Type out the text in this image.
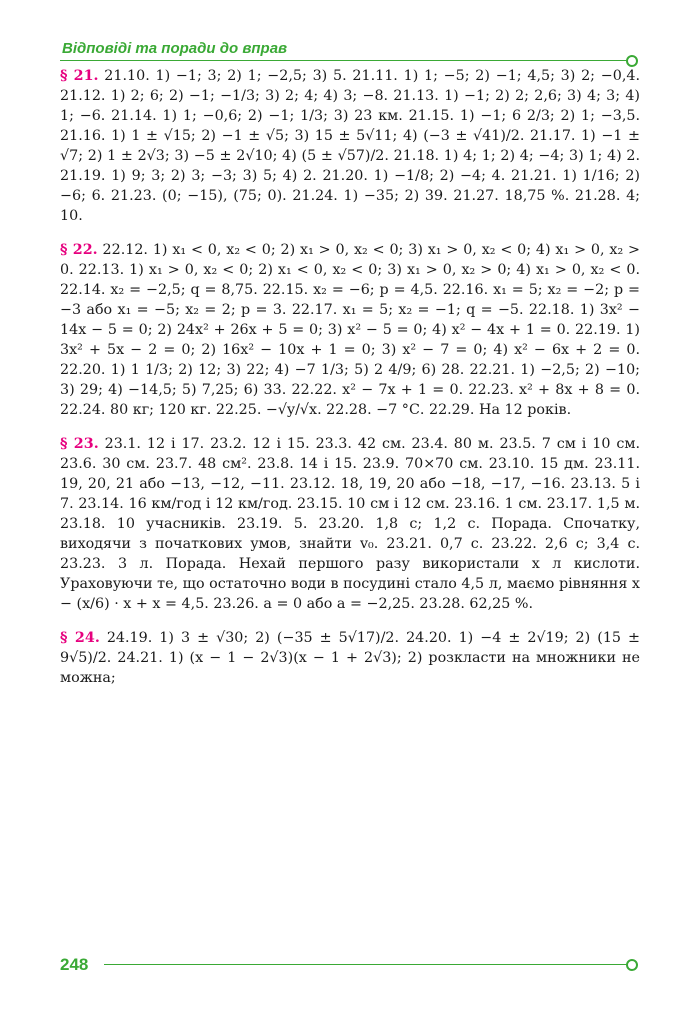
Відповіді та поради до вправ

§ 21. 21.10. 1) −1; 3; 2) 1; −2,5; 3) 5. 21.11. 1) 1; −5; 2) −1; 4,5; 3) 2; −0,4. 21.12. 1) 2; 6; 2) −1; −1/3; 3) 2; 4; 4) 3; −8. 21.13. 1) −1; 2) 2; 2,6; 3) 4; 3; 4) 1; −6. 21.14. 1) 1; −0,6; 2) −1; 1/3; 3) 23 км. 21.15. 1) −1; 6 2/3; 2) 1; −3,5. 21.16. 1) 1 ± √15; 2) −1 ± √5; 3) 15 ± 5√11; 4) (−3 ± √41)/2. 21.17. 1) −1 ± √7; 2) 1 ± 2√3; 3) −5 ± 2√10; 4) (5 ± √57)/2. 21.18. 1) 4; 1; 2) 4; −4; 3) 1; 4) 2. 21.19. 1) 9; 3; 2) 3; −3; 3) 5; 4) 2. 21.20. 1) −1/8; 2) −4; 4. 21.21. 1) 1/16; 2) −6; 6. 21.23. (0; −15), (75; 0). 21.24. 1) −35; 2) 39. 21.27. 18,75 %. 21.28. 4; 10.

§ 22. 22.12. 1) x₁ < 0, x₂ < 0; 2) x₁ > 0, x₂ < 0; 3) x₁ > 0, x₂ < 0; 4) x₁ > 0, x₂ > 0. 22.13. 1) x₁ > 0, x₂ < 0; 2) x₁ < 0, x₂ < 0; 3) x₁ > 0, x₂ > 0; 4) x₁ > 0, x₂ < 0. 22.14. x₂ = −2,5; q = 8,75. 22.15. x₂ = −6; p = 4,5. 22.16. x₁ = 5; x₂ = −2; p = −3 або x₁ = −5; x₂ = 2; p = 3. 22.17. x₁ = 5; x₂ = −1; q = −5. 22.18. 1) 3x² − 14x − 5 = 0; 2) 24x² + 26x + 5 = 0; 3) x² − 5 = 0; 4) x² − 4x + 1 = 0. 22.19. 1) 3x² + 5x − 2 = 0; 2) 16x² − 10x + 1 = 0; 3) x² − 7 = 0; 4) x² − 6x + 2 = 0. 22.20. 1) 1 1/3; 2) 12; 3) 22; 4) −7 1/3; 5) 2 4/9; 6) 28. 22.21. 1) −2,5; 2) −10; 3) 29; 4) −14,5; 5) 7,25; 6) 33. 22.22. x² − 7x + 1 = 0. 22.23. x² + 8x + 8 = 0. 22.24. 80 кг; 120 кг. 22.25. −√y/√x. 22.28. −7 °С. 22.29. На 12 років.

§ 23. 23.1. 12 і 17. 23.2. 12 і 15. 23.3. 42 см. 23.4. 80 м. 23.5. 7 см і 10 см. 23.6. 30 см. 23.7. 48 см². 23.8. 14 і 15. 23.9. 70×70 см. 23.10. 15 дм. 23.11. 19, 20, 21 або −13, −12, −11. 23.12. 18, 19, 20 або −18, −17, −16. 23.13. 5 і 7. 23.14. 16 км/год і 12 км/год. 23.15. 10 см і 12 см. 23.16. 1 см. 23.17. 1,5 м. 23.18. 10 учасників. 23.19. 5. 23.20. 1,8 с; 1,2 с. Порада. Спочатку, виходячи з початкових умов, знайти v₀. 23.21. 0,7 с. 23.22. 2,6 с; 3,4 с. 23.23. 3 л. Порада. Нехай першого разу використали x л кислоти. Ураховуючи те, що остаточно води в посудині стало 4,5 л, маємо рівняння x − (x/6) · x + x = 4,5. 23.26. a = 0 або a = −2,25. 23.28. 62,25 %.

§ 24. 24.19. 1) 3 ± √30; 2) (−35 ± 5√17)/2. 24.20. 1) −4 ± 2√19; 2) (15 ± 9√5)/2. 24.21. 1) (x − 1 − 2√3)(x − 1 + 2√3); 2) розкласти на множники не можна;

248
